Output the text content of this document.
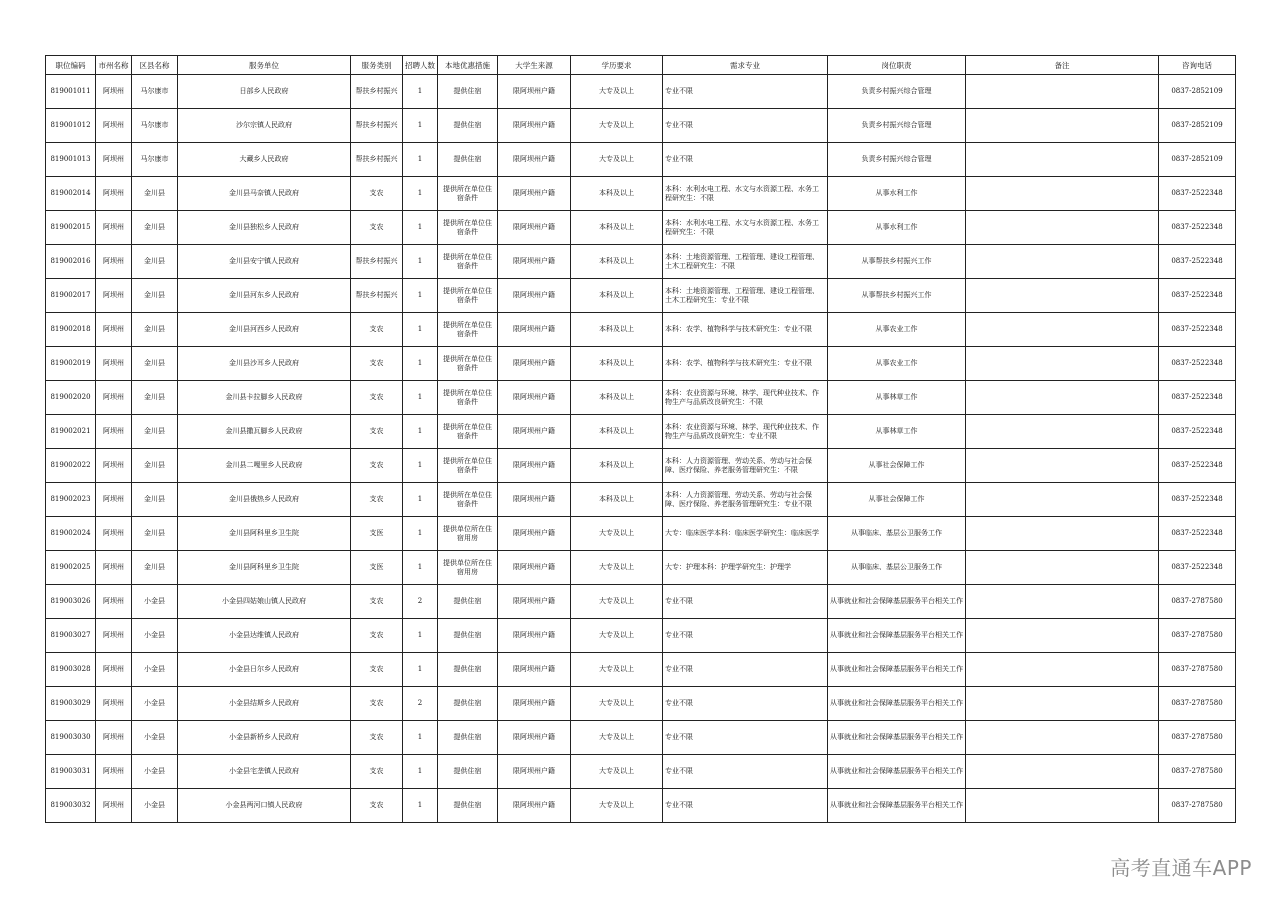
职位编码	市州名称	区县名称	服务单位	服务类别	招聘人数	本地优惠措施	大学生来源	学历要求	需求专业	岗位职责	备注	咨询电话
819001011	阿坝州	马尔康市	日部乡人民政府	帮扶乡村振兴	1	提供住宿	限阿坝州户籍	大专及以上	专业不限	负责乡村振兴综合管理		0837-2852109
819001012	阿坝州	马尔康市	沙尔宗镇人民政府	帮扶乡村振兴	1	提供住宿	限阿坝州户籍	大专及以上	专业不限	负责乡村振兴综合管理		0837-2852109
819001013	阿坝州	马尔康市	大藏乡人民政府	帮扶乡村振兴	1	提供住宿	限阿坝州户籍	大专及以上	专业不限	负责乡村振兴综合管理		0837-2852109
819002014	阿坝州	金川县	金川县马奈镇人民政府	支农	1	提供所在单位住宿条件	限阿坝州户籍	本科及以上	本科：水利水电工程、水文与水资源工程、水务工程研究生：不限	从事水利工作		0837-2522348
819002015	阿坝州	金川县	金川县独松乡人民政府	支农	1	提供所在单位住宿条件	限阿坝州户籍	本科及以上	本科：水利水电工程、水文与水资源工程、水务工程研究生：不限	从事水利工作		0837-2522348
819002016	阿坝州	金川县	金川县安宁镇人民政府	帮扶乡村振兴	1	提供所在单位住宿条件	限阿坝州户籍	本科及以上	本科：土地资源管理、工程管理、建设工程管理、土木工程研究生：不限	从事帮扶乡村振兴工作		0837-2522348
819002017	阿坝州	金川县	金川县河东乡人民政府	帮扶乡村振兴	1	提供所在单位住宿条件	限阿坝州户籍	本科及以上	本科：土地资源管理、工程管理、建设工程管理、土木工程研究生：专业不限	从事帮扶乡村振兴工作		0837-2522348
819002018	阿坝州	金川县	金川县河西乡人民政府	支农	1	提供所在单位住宿条件	限阿坝州户籍	本科及以上	本科：农学、植物科学与技术研究生：专业不限	从事农业工作		0837-2522348
819002019	阿坝州	金川县	金川县沙耳乡人民政府	支农	1	提供所在单位住宿条件	限阿坝州户籍	本科及以上	本科：农学、植物科学与技术研究生：专业不限	从事农业工作		0837-2522348
819002020	阿坝州	金川县	金川县卡拉脚乡人民政府	支农	1	提供所在单位住宿条件	限阿坝州户籍	本科及以上	本科：农业资源与环境、林学、现代种业技术、作物生产与品质改良研究生：不限	从事林草工作		0837-2522348
819002021	阿坝州	金川县	金川县撒瓦脚乡人民政府	支农	1	提供所在单位住宿条件	限阿坝州户籍	本科及以上	本科：农业资源与环境、林学、现代种业技术、作物生产与品质改良研究生：专业不限	从事林草工作		0837-2522348
819002022	阿坝州	金川县	金川县二嘎里乡人民政府	支农	1	提供所在单位住宿条件	限阿坝州户籍	本科及以上	本科：人力资源管理、劳动关系、劳动与社会保障、医疗保险、养老服务管理研究生：不限	从事社会保障工作		0837-2522348
819002023	阿坝州	金川县	金川县俄热乡人民政府	支农	1	提供所在单位住宿条件	限阿坝州户籍	本科及以上	本科：人力资源管理、劳动关系、劳动与社会保障、医疗保险、养老服务管理研究生：专业不限	从事社会保障工作		0837-2522348
819002024	阿坝州	金川县	金川县阿科里乡卫生院	支医	1	提供单位所在住宿用房	限阿坝州户籍	大专及以上	大专：临床医学本科：临床医学研究生：临床医学	从事临床、基层公卫服务工作		0837-2522348
819002025	阿坝州	金川县	金川县阿科里乡卫生院	支医	1	提供单位所在住宿用房	限阿坝州户籍	大专及以上	大专：护理本科：护理学研究生：护理学	从事临床、基层公卫服务工作		0837-2522348
819003026	阿坝州	小金县	小金县四姑娘山镇人民政府	支农	2	提供住宿	限阿坝州户籍	大专及以上	专业不限	从事就业和社会保障基层服务平台相关工作		0837-2787580
819003027	阿坝州	小金县	小金县达维镇人民政府	支农	1	提供住宿	限阿坝州户籍	大专及以上	专业不限	从事就业和社会保障基层服务平台相关工作		0837-2787580
819003028	阿坝州	小金县	小金县日尔乡人民政府	支农	1	提供住宿	限阿坝州户籍	大专及以上	专业不限	从事就业和社会保障基层服务平台相关工作		0837-2787580
819003029	阿坝州	小金县	小金县结斯乡人民政府	支农	2	提供住宿	限阿坝州户籍	大专及以上	专业不限	从事就业和社会保障基层服务平台相关工作		0837-2787580
819003030	阿坝州	小金县	小金县新桥乡人民政府	支农	1	提供住宿	限阿坝州户籍	大专及以上	专业不限	从事就业和社会保障基层服务平台相关工作		0837-2787580
819003031	阿坝州	小金县	小金县宅垄镇人民政府	支农	1	提供住宿	限阿坝州户籍	大专及以上	专业不限	从事就业和社会保障基层服务平台相关工作		0837-2787580
819003032	阿坝州	小金县	小金县两河口镇人民政府	支农	1	提供住宿	限阿坝州户籍	大专及以上	专业不限	从事就业和社会保障基层服务平台相关工作		0837-2787580
高考直通车APP
